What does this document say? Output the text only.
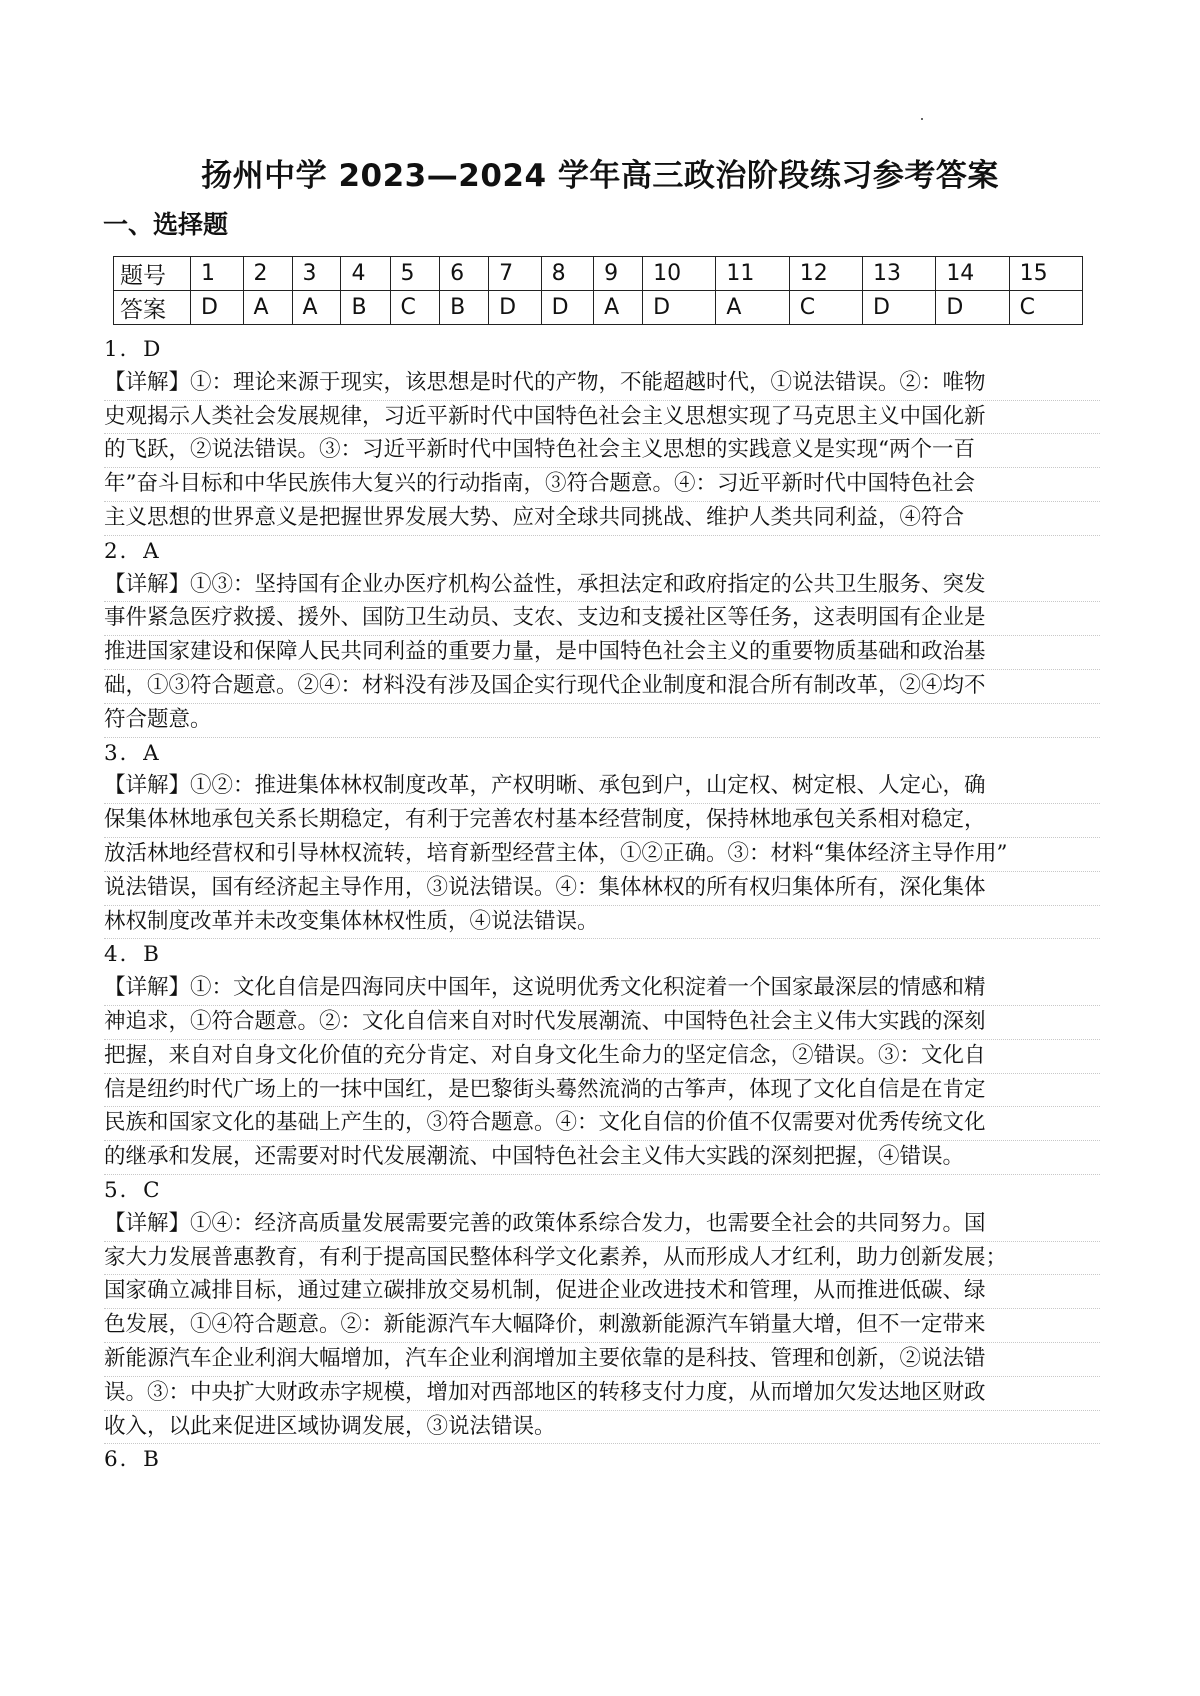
扬州中学 2023—2024 学年高三政治阶段练习参考答案
一、选择题
题号	1	2	3	4	5	6	7	8	9	10	11	12	13	14	15
答案	D	A	A	B	C	B	D	D	A	D	A	C	D	D	C
1．D
【详解】①：理论来源于现实，该思想是时代的产物，不能超越时代，①说法错误。②：唯物
史观揭示人类社会发展规律，习近平新时代中国特色社会主义思想实现了马克思主义中国化新
的飞跃，②说法错误。③：习近平新时代中国特色社会主义思想的实践意义是实现“两个一百
年”奋斗目标和中华民族伟大复兴的行动指南，③符合题意。④：习近平新时代中国特色社会
主义思想的世界意义是把握世界发展大势、应对全球共同挑战、维护人类共同利益，④符合
2．A
【详解】①③：坚持国有企业办医疗机构公益性，承担法定和政府指定的公共卫生服务、突发
事件紧急医疗救援、援外、国防卫生动员、支农、支边和支援社区等任务，这表明国有企业是
推进国家建设和保障人民共同利益的重要力量，是中国特色社会主义的重要物质基础和政治基
础，①③符合题意。②④：材料没有涉及国企实行现代企业制度和混合所有制改革，②④均不
符合题意。
3．A
【详解】①②：推进集体林权制度改革，产权明晰、承包到户，山定权、树定根、人定心，确
保集体林地承包关系长期稳定，有利于完善农村基本经营制度，保持林地承包关系相对稳定，
放活林地经营权和引导林权流转，培育新型经营主体，①②正确。③：材料“集体经济主导作用”
说法错误，国有经济起主导作用，③说法错误。④：集体林权的所有权归集体所有，深化集体
林权制度改革并未改变集体林权性质，④说法错误。
4．B
【详解】①：文化自信是四海同庆中国年，这说明优秀文化积淀着一个国家最深层的情感和精
神追求，①符合题意。②：文化自信来自对时代发展潮流、中国特色社会主义伟大实践的深刻
把握，来自对自身文化价值的充分肯定、对自身文化生命力的坚定信念，②错误。③：文化自
信是纽约时代广场上的一抹中国红，是巴黎街头蓦然流淌的古筝声，体现了文化自信是在肯定
民族和国家文化的基础上产生的，③符合题意。④：文化自信的价值不仅需要对优秀传统文化
的继承和发展，还需要对时代发展潮流、中国特色社会主义伟大实践的深刻把握，④错误。
5．C
【详解】①④：经济高质量发展需要完善的政策体系综合发力，也需要全社会的共同努力。国
家大力发展普惠教育，有利于提高国民整体科学文化素养，从而形成人才红利，助力创新发展；
国家确立减排目标，通过建立碳排放交易机制，促进企业改进技术和管理，从而推进低碳、绿
色发展，①④符合题意。②：新能源汽车大幅降价，刺激新能源汽车销量大增，但不一定带来
新能源汽车企业利润大幅增加，汽车企业利润增加主要依靠的是科技、管理和创新，②说法错
误。③：中央扩大财政赤字规模，增加对西部地区的转移支付力度，从而增加欠发达地区财政
收入，以此来促进区域协调发展，③说法错误。
6．B
